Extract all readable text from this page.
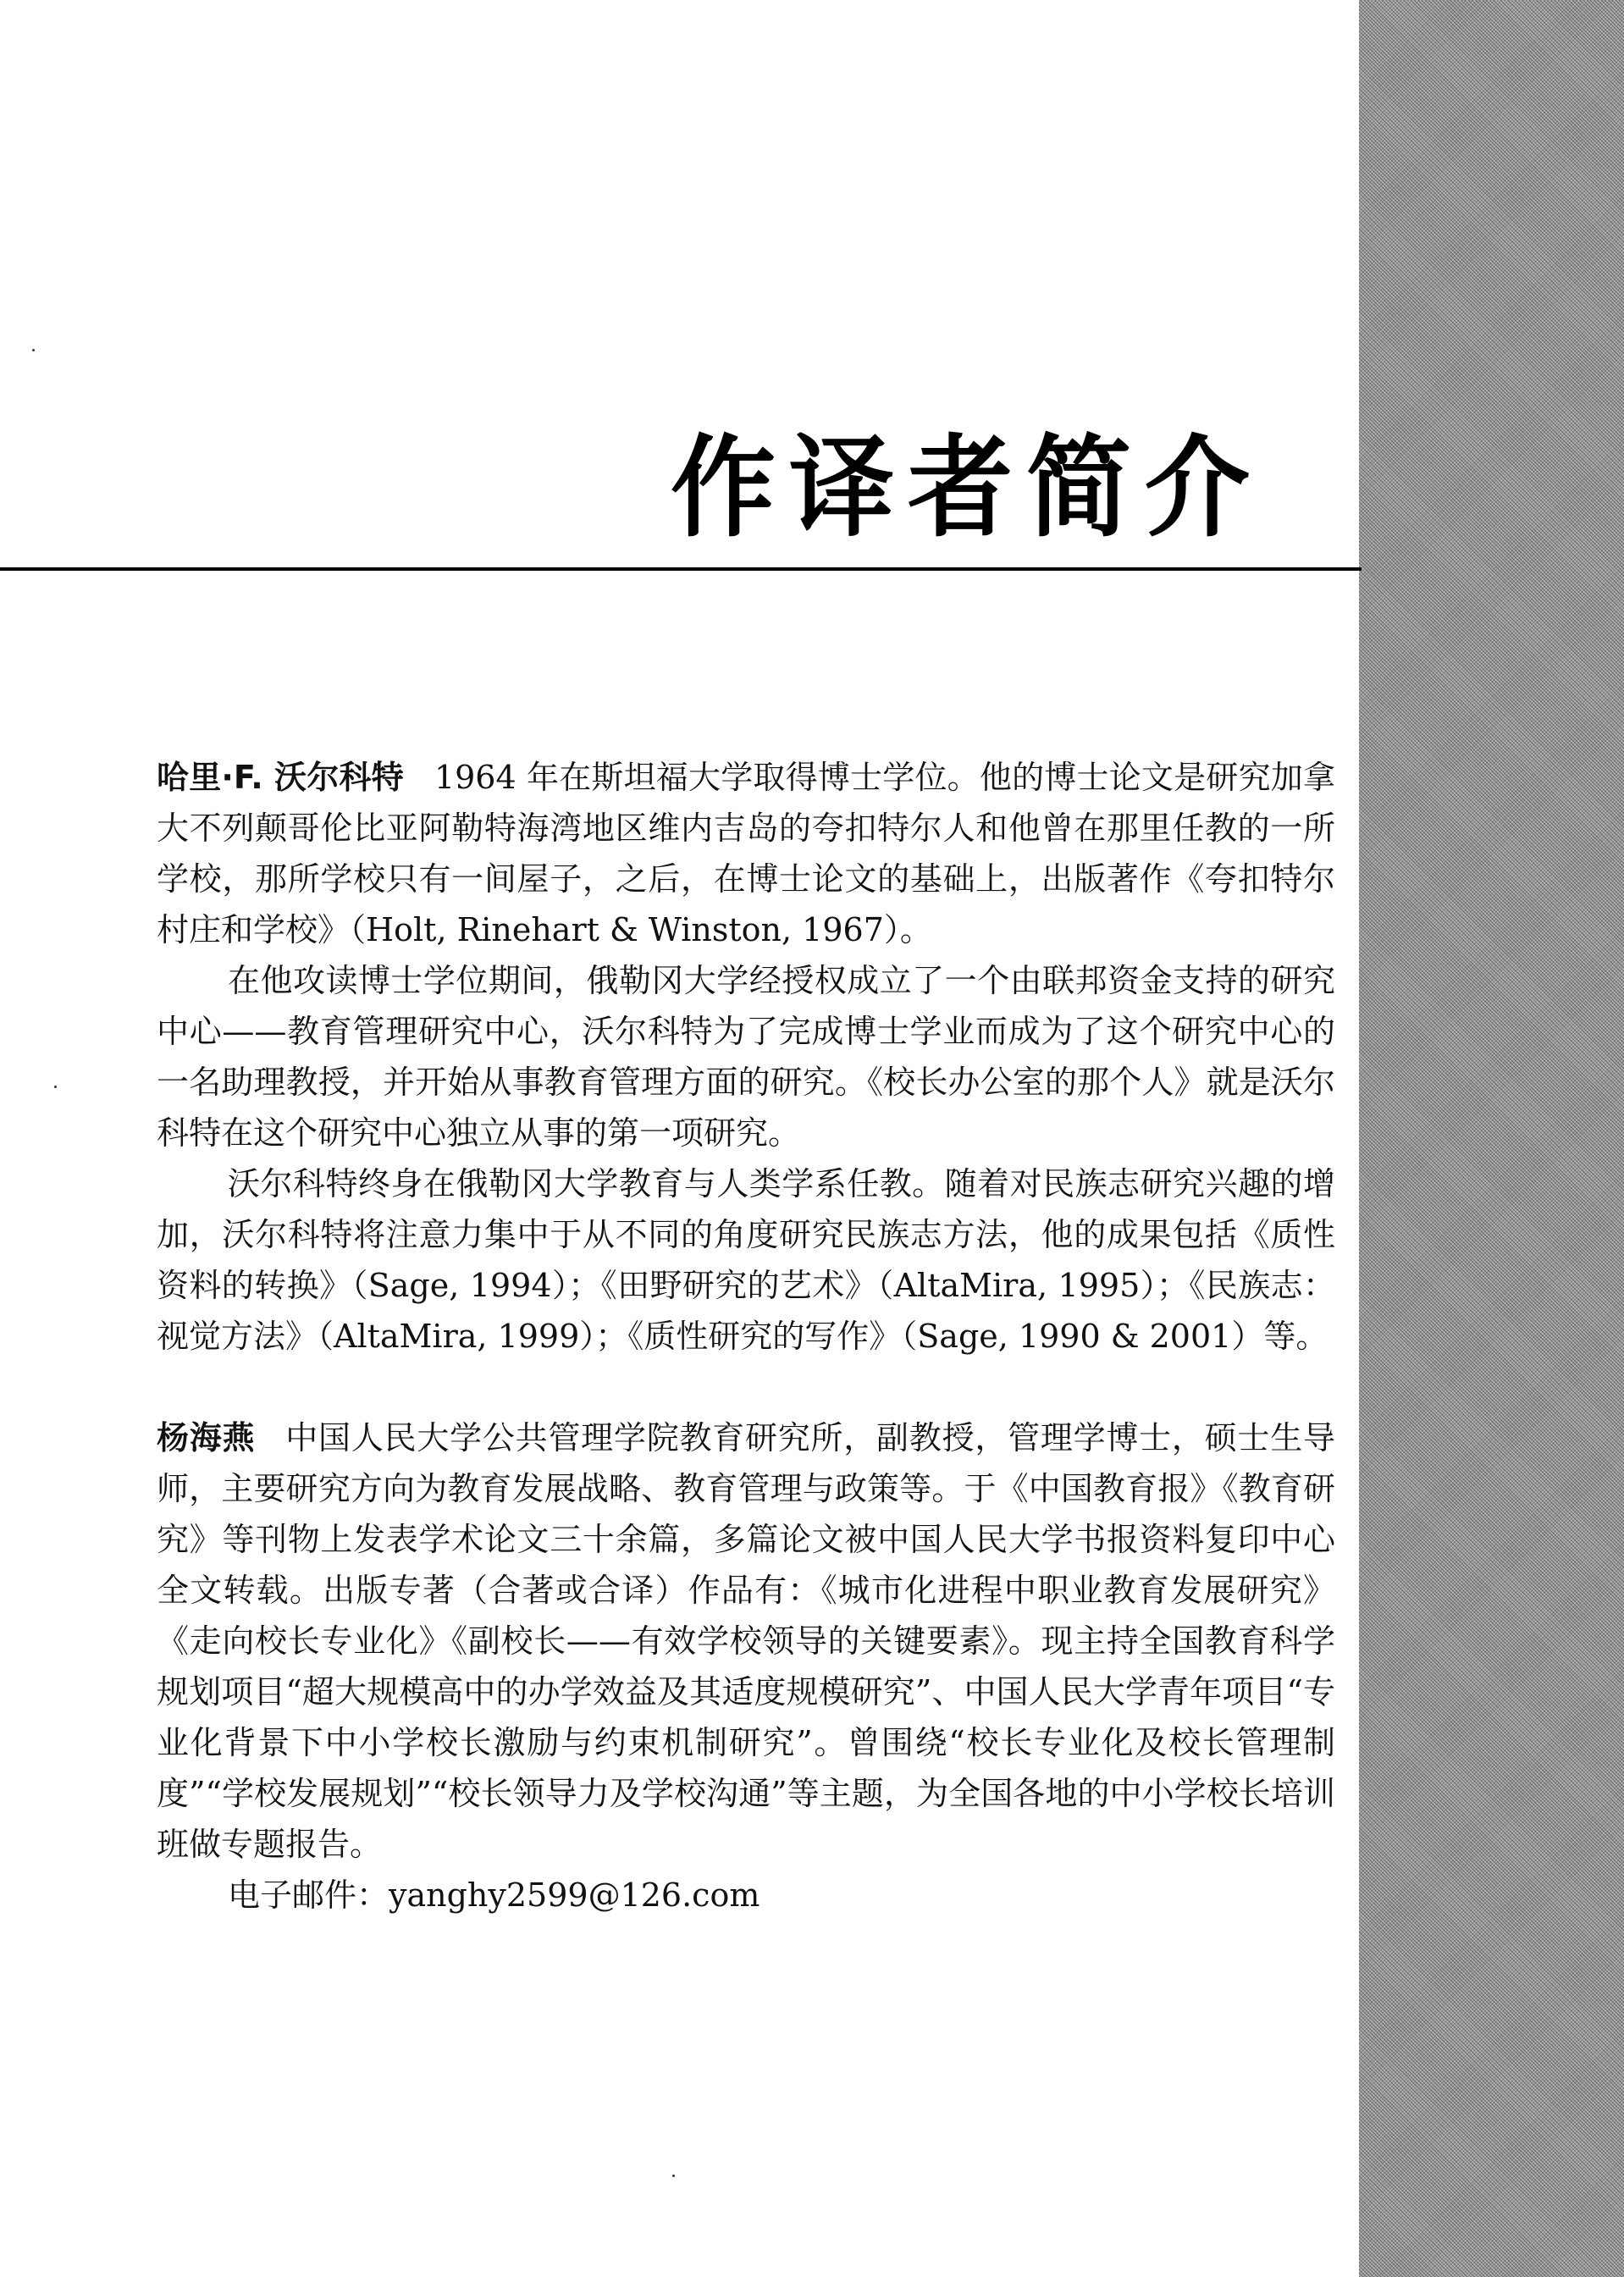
作译者简介

哈里·F. 沃尔科特 1964 年在斯坦福大学取得博士学位。他的博士论文是研究加拿大不列颠哥伦比亚阿勒特海湾地区维内吉岛的夸扣特尔人和他曾在那里任教的一所学校，那所学校只有一间屋子，之后，在博士论文的基础上，出版著作《夸扣特尔村庄和学校》（Holt, Rinehart & Winston, 1967）。

在他攻读博士学位期间，俄勒冈大学经授权成立了一个由联邦资金支持的研究中心——教育管理研究中心，沃尔科特为了完成博士学业而成为了这个研究中心的一名助理教授，并开始从事教育管理方面的研究。《校长办公室的那个人》就是沃尔科特在这个研究中心独立从事的第一项研究。

沃尔科特终身在俄勒冈大学教育与人类学系任教。随着对民族志研究兴趣的增加，沃尔科特将注意力集中于从不同的角度研究民族志方法，他的成果包括《质性资料的转换》（Sage, 1994）；《田野研究的艺术》（AltaMira, 1995）；《民族志：视觉方法》（AltaMira, 1999）；《质性研究的写作》（Sage, 1990 & 2001）等。

杨海燕 中国人民大学公共管理学院教育研究所，副教授，管理学博士，硕士生导师，主要研究方向为教育发展战略、教育管理与政策等。于《中国教育报》《教育研究》等刊物上发表学术论文三十余篇，多篇论文被中国人民大学书报资料复印中心全文转载。出版专著（合著或合译）作品有：《城市化进程中职业教育发展研究》《走向校长专业化》《副校长——有效学校领导的关键要素》。现主持全国教育科学规划项目“超大规模高中的办学效益及其适度规模研究”、中国人民大学青年项目“专业化背景下中小学校长激励与约束机制研究”。曾围绕“校长专业化及校长管理制度”“学校发展规划”“校长领导力及学校沟通”等主题，为全国各地的中小学校长培训班做专题报告。

电子邮件：yanghy2599@126.com
